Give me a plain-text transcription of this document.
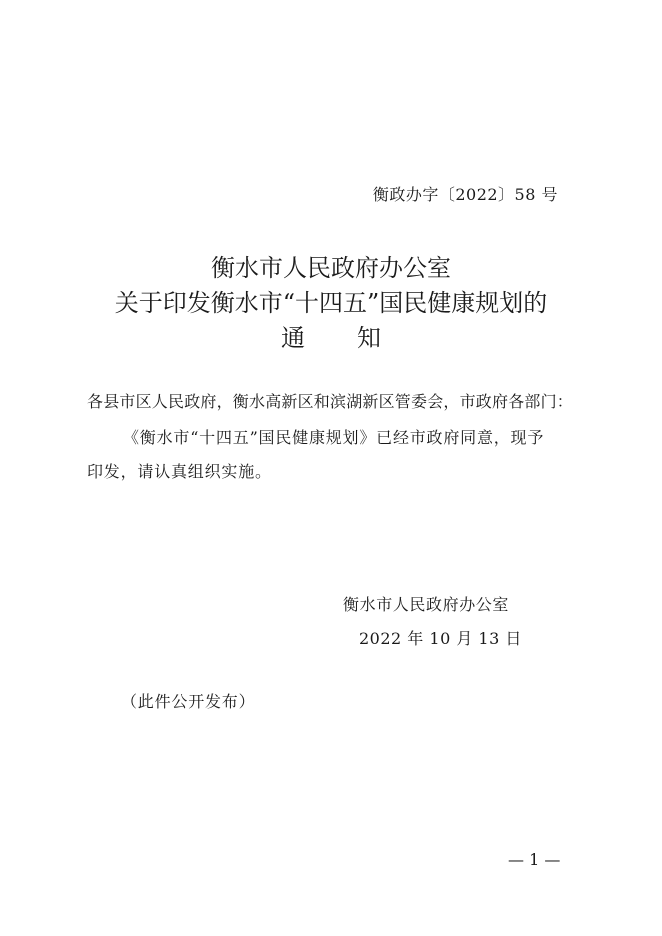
衡政办字〔2022〕58 号
衡水市人民政府办公室
关于印发衡水市“十四五”国民健康规划的
通 知
各县市区人民政府，衡水高新区和滨湖新区管委会，市政府各部门：
《衡水市“十四五”国民健康规划》已经市政府同意，现予
印发，请认真组织实施。
衡水市人民政府办公室
2022 年 10 月 13 日
（此件公开发布）
— 1 —
